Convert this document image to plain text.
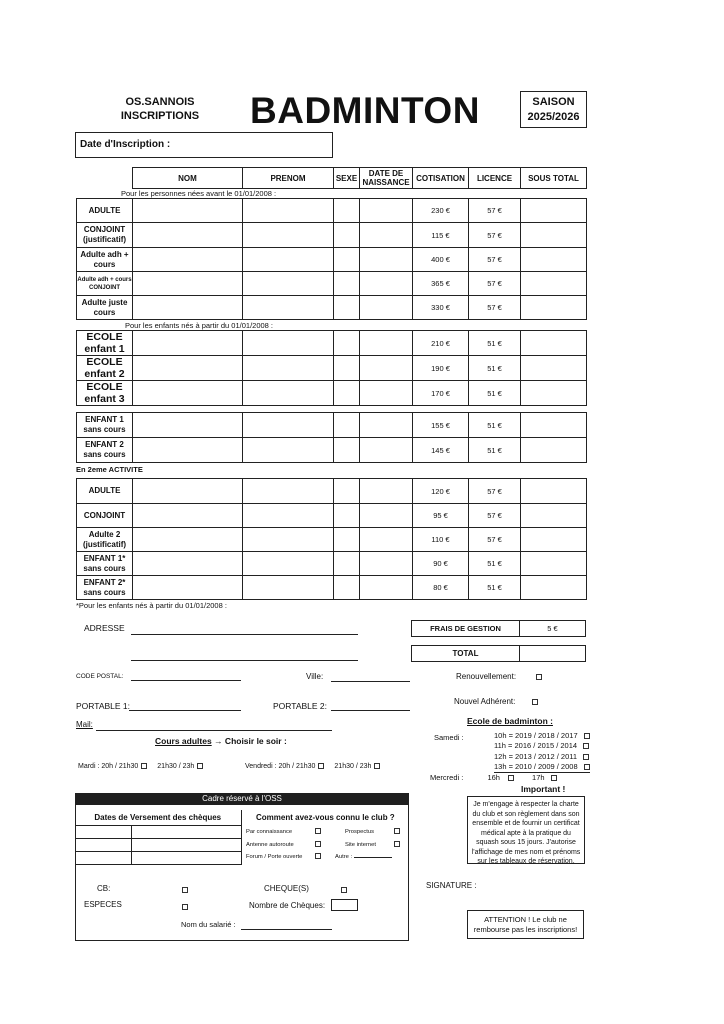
OS.SANNOIS
INSCRIPTIONS BADMINTON	SAISON
2025/2026
Date d'Inscription :
NOM	PRENOM	SEXE	DATE DE NAISSANCE	COTISATION	LICENCE	SOUS TOTAL
Pour les personnes nées avant le 01/01/2008 :
ADULTE					230 €	57 €	
CONJOINT (justificatif)					115 €	57 €	
Adulte adh + cours					400 €	57 €	
Adulte adh + cours CONJOINT					365 €	57 €	
Adulte juste cours					330 €	57 €	
Pour les enfants nés à partir du 01/01/2008 :
ECOLE enfant 1					210 €	51 €	
ECOLE enfant 2					190 €	51 €	
ECOLE enfant 3					170 €	51 €	
ENFANT 1 sans cours					155 €	51 €	
ENFANT 2 sans cours					145 €	51 €	
En 2eme ACTIVITE
ADULTE					120 €	57 €	
CONJOINT					95 €	57 €	
Adulte 2 (justificatif)					110 €	57 €	
ENFANT 1* sans cours					90 €	51 €	
ENFANT 2* sans cours					80 €	51 €	
*Pour les enfants nés à partir du 01/01/2008 :
ADRESSE	FRAIS DE GESTION	5 €
TOTAL	
CODE POSTAL:	Ville:	Renouvellement:
PORTABLE 1:	PORTABLE 2:	Nouvel Adhérent:
Mail:
Cours adultes → Choisir le soir :
Mardi : 20h / 21h30	21h30 / 23h	Vendredi : 20h / 21h30	21h30 / 23h
Ecole de badminton :
Samedi :	10h = 2019 / 2018 / 2017
11h = 2016 / 2015 / 2014
12h = 2013 / 2012 / 2011
13h = 2010 / 2009 / 2008
Mercredi :	16h	17h
Important !
Je m'engage à respecter la charte du club et son règlement dans son ensemble et de fournir un certificat médical apte à la pratique du squash sous 15 jours. J'autorise l'affichage de mes nom et prénoms sur les tableaux de réservation.
Cadre réservé à l'OSS
Dates de Versement des chèques	

		Comment avez-vous connu le club ?
Par connaissance	Prospectus
Antenne autoroute	Site internet
Forum / Porte ouverte	Autre :
CB:
ESPECES
CHEQUE(S)
Nombre de Chèques:
Nom du salarié :
SIGNATURE :
ATTENTION ! Le club ne rembourse pas les inscriptions!
